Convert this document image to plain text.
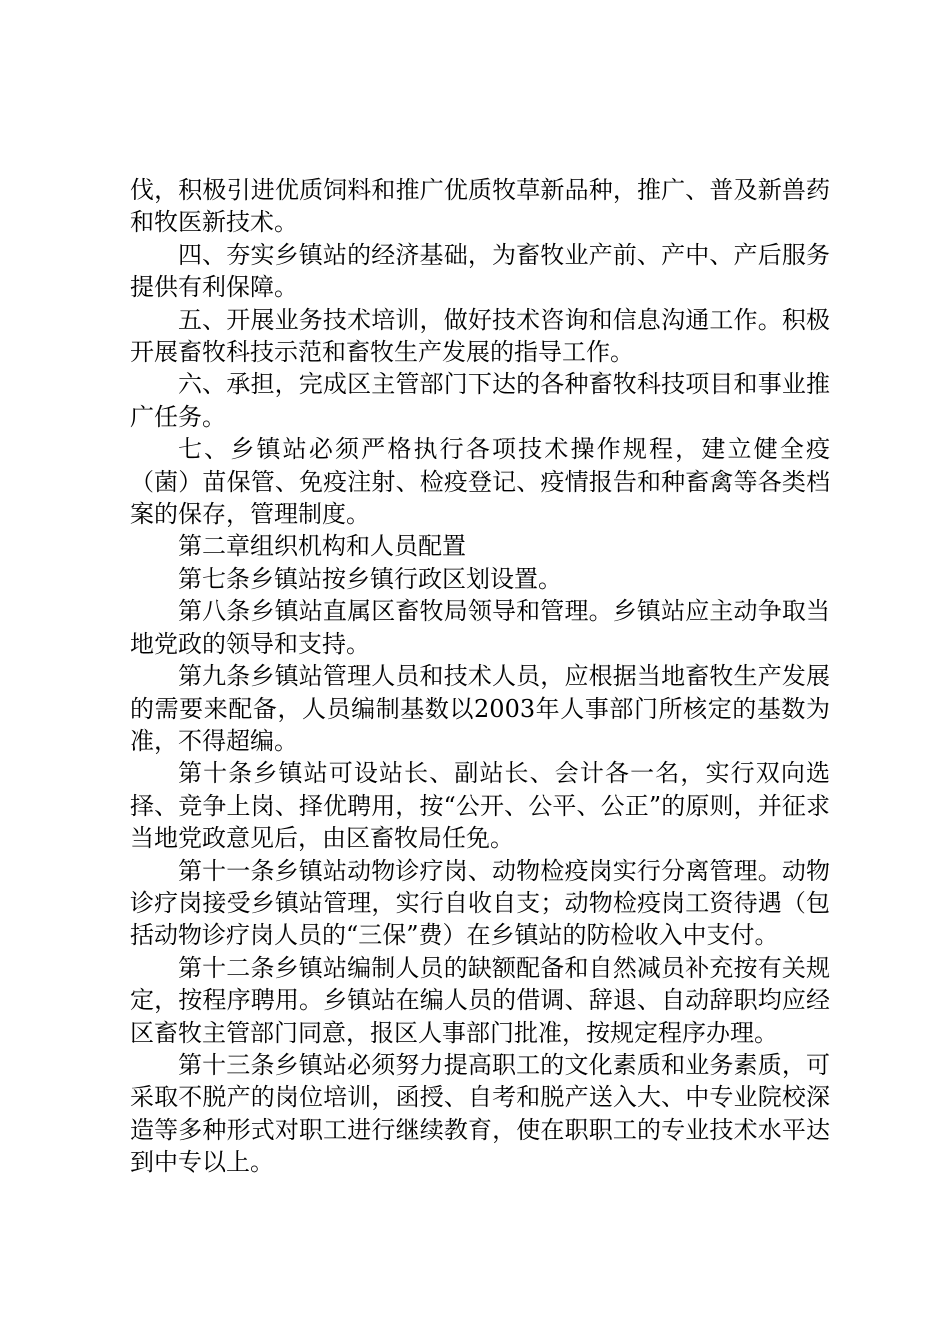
伐，积极引进优质饲料和推广优质牧草新品种，推广、普及新兽药和牧医新技术。

四、夯实乡镇站的经济基础，为畜牧业产前、产中、产后服务提供有利保障。

五、开展业务技术培训，做好技术咨询和信息沟通工作。积极开展畜牧科技示范和畜牧生产发展的指导工作。

六、承担，完成区主管部门下达的各种畜牧科技项目和事业推广任务。

七、乡镇站必须严格执行各项技术操作规程，建立健全疫（菌）苗保管、免疫注射、检疫登记、疫情报告和种畜禽等各类档案的保存，管理制度。

第二章组织机构和人员配置

第七条乡镇站按乡镇行政区划设置。

第八条乡镇站直属区畜牧局领导和管理。乡镇站应主动争取当地党政的领导和支持。

第九条乡镇站管理人员和技术人员，应根据当地畜牧生产发展的需要来配备，人员编制基数以2003年人事部门所核定的基数为准，不得超编。

第十条乡镇站可设站长、副站长、会计各一名，实行双向选择、竞争上岗、择优聘用，按“公开、公平、公正”的原则，并征求当地党政意见后，由区畜牧局任免。

第十一条乡镇站动物诊疗岗、动物检疫岗实行分离管理。动物诊疗岗接受乡镇站管理，实行自收自支；动物检疫岗工资待遇（包括动物诊疗岗人员的“三保”费）在乡镇站的防检收入中支付。

第十二条乡镇站编制人员的缺额配备和自然减员补充按有关规定，按程序聘用。乡镇站在编人员的借调、辞退、自动辞职均应经区畜牧主管部门同意，报区人事部门批准，按规定程序办理。

第十三条乡镇站必须努力提高职工的文化素质和业务素质，可采取不脱产的岗位培训，函授、自考和脱产送入大、中专业院校深造等多种形式对职工进行继续教育，使在职职工的专业技术水平达到中专以上。
